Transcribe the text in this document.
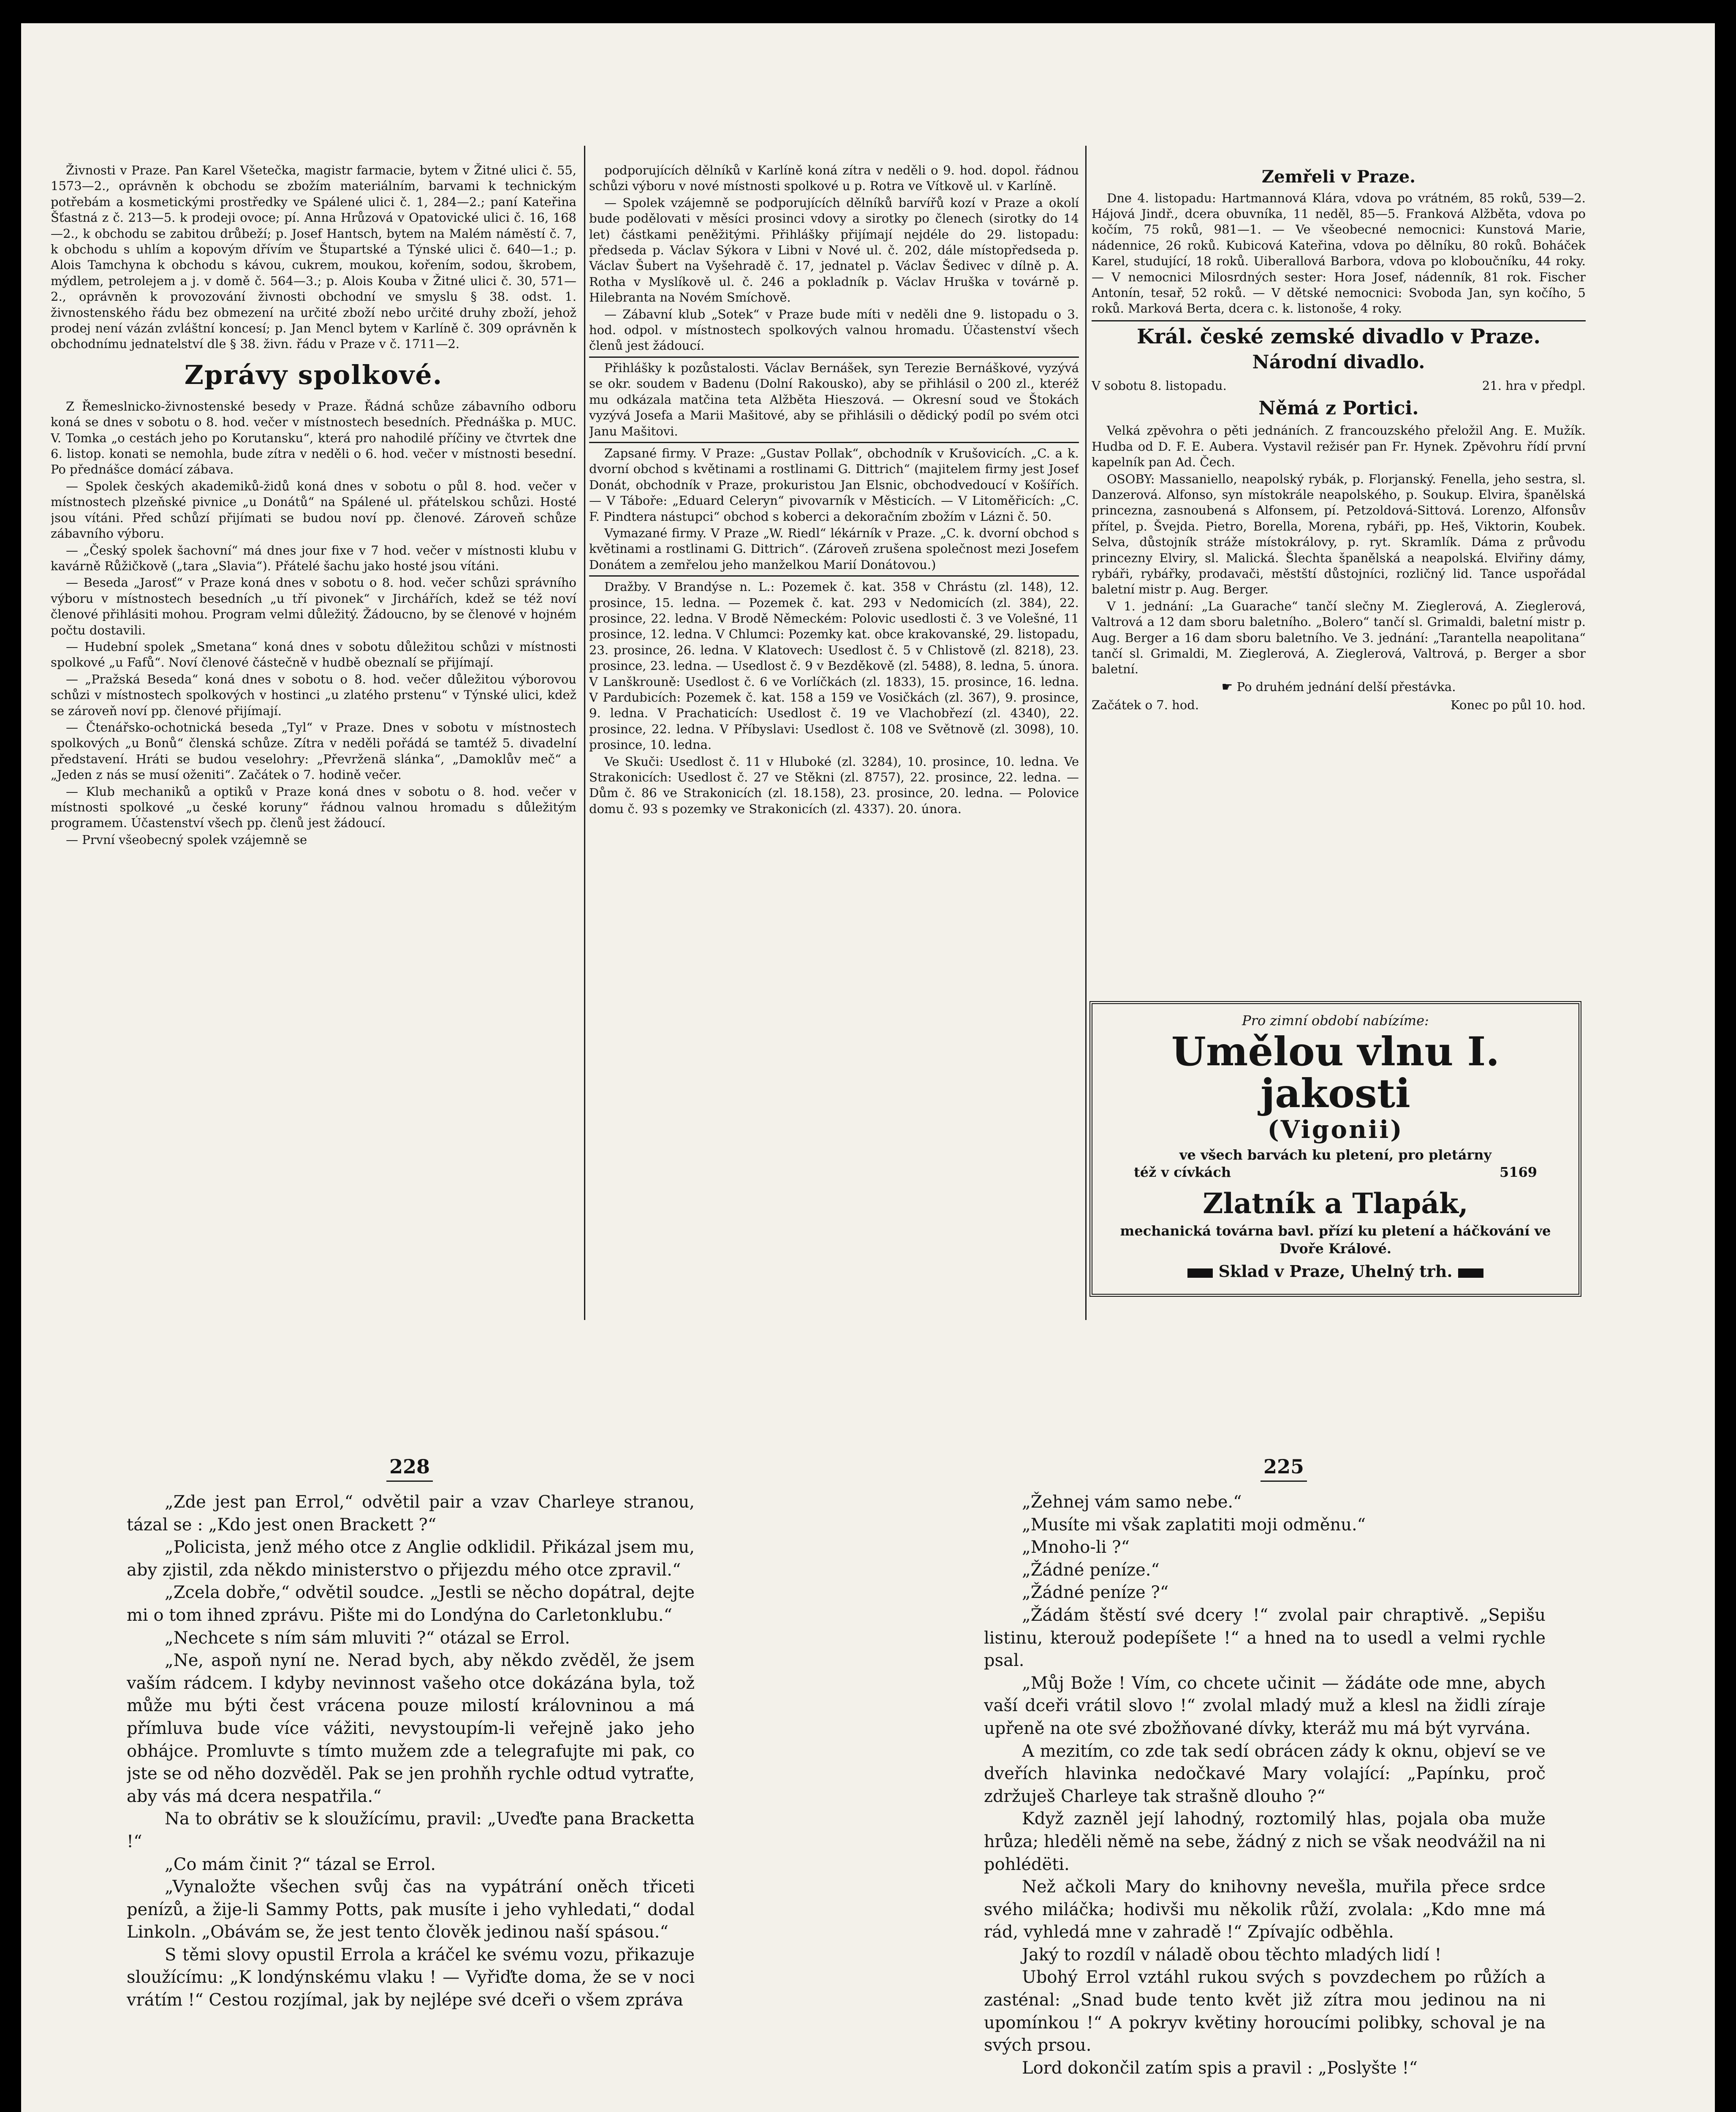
Živnosti v Praze. Pan Karel Všetečka, magistr farmacie, bytem v Žitné ulici č. 55, 1573—2., oprávněn k obchodu se zbožím materiálním, barvami k technickým potřebám a kosmetickými prostředky ve Spálené ulici č. 1, 284—2.; paní Kateřina Šťastná z č. 213—5. k prodeji ovoce; pí. Anna Hrůzová v Opatovické ulici č. 16, 168—2., k obchodu se zabitou drůbeží; p. Josef Hantsch, bytem na Malém náměstí č. 7, k obchodu s uhlím a kopovým dřívím ve Štupartské a Týnské ulici č. 640—1.; p. Alois Tamchyna k obchodu s kávou, cukrem, moukou, kořením, sodou, škrobem, mýdlem, petrolejem a j. v domě č. 564—3.; p. Alois Kouba v Žitné ulici č. 30, 571—2., oprávněn k provozování živnosti obchodní ve smyslu § 38. odst. 1. živnostenského řádu bez obmezení na určité zboží nebo určité druhy zboží, jehož prodej není vázán zvláštní koncesí; p. Jan Mencl bytem v Karlíně č. 309 oprávněn k obchodnímu jednatelství dle § 38. živn. řádu v Praze v č. 1711—2.

Zprávy spolkové.

Z Řemeslnicko-živnostenské besedy v Praze. Řádná schůze zábavního odboru koná se dnes v sobotu o 8. hod. večer v místnostech besedních. Přednáška p. MUC. V. Tomka „o cestách jeho po Korutansku“, která pro nahodilé příčiny ve čtvrtek dne 6. listop. konati se nemohla, bude zítra v neděli o 6. hod. večer v místnosti besední. Po přednášce domácí zábava.

— Spolek českých akademiků-židů koná dnes v sobotu o půl 8. hod. večer v místnostech plzeňské pivnice „u Donátů“ na Spálené ul. přátelskou schůzi. Hosté jsou vítáni. Před schůzí přijímati se budou noví pp. členové. Zároveň schůze zábavního výboru.

— „Český spolek šachovní“ má dnes jour fixe v 7 hod. večer v místnosti klubu v kavárně Růžičkově („tara „Slavia“). Přátelé šachu jako hosté jsou vítáni.

— Beseda „Jarosť“ v Praze koná dnes v sobotu o 8. hod. večer schůzi správního výboru v místnostech besedních „u tří pivonek“ v Jirchářích, kdež se též noví členové přihlásiti mohou. Program velmi důležitý. Žádoucno, by se členové v hojném počtu dostavili.

— Hudební spolek „Smetana“ koná dnes v sobotu důležitou schůzi v místnosti spolkové „u Fafů“. Noví členové částečně v hudbě obeznalí se přijímají.

— „Pražská Beseda“ koná dnes v sobotu o 8. hod. večer důležitou výborovou schůzi v místnostech spolkových v hostinci „u zlatého prstenu“ v Týnské ulici, kdež se zároveň noví pp. členové přijímají.

— Čtenářsko-ochotnická beseda „Tyl“ v Praze. Dnes v sobotu v místnostech spolkových „u Bonů“ členská schůze. Zítra v neděli pořádá se tamtéž 5. divadelní představení. Hráti se budou veselohry: „Převrženä slánka“, „Damoklův meč“ a „Jeden z nás se musí oženiti“. Začátek o 7. hodině večer.

— Klub mechaniků a optiků v Praze koná dnes v sobotu o 8. hod. večer v místnosti spolkové „u české koruny“ řádnou valnou hromadu s důležitým programem. Účastenství všech pp. členů jest žádoucí.

— První všeobecný spolek vzájemně se

podporujících dělníků v Karlíně koná zítra v neděli o 9. hod. dopol. řádnou schůzi výboru v nové místnosti spolkové u p. Rotra ve Vítkově ul. v Karlíně.

— Spolek vzájemně se podporujících dělníků barvířů kozí v Praze a okolí bude podělovati v měsíci prosinci vdovy a sirotky po členech (sirotky do 14 let) částkami peněžitými. Přihlášky přijímají nejdéle do 29. listopadu: předseda p. Václav Sýkora v Libni v Nové ul. č. 202, dále místopředseda p. Václav Šubert na Vyšehradě č. 17, jednatel p. Václav Šedivec v dílně p. A. Rotha v Myslíkově ul. č. 246 a pokladník p. Václav Hruška v továrně p. Hilebranta na Novém Smíchově.

— Zábavní klub „Sotek“ v Praze bude míti v neděli dne 9. listopadu o 3. hod. odpol. v místnostech spolkových valnou hromadu. Účastenství všech členů jest žádoucí.

Přihlášky k pozůstalosti. Václav Bernášek, syn Terezie Bernáškové, vyzývá se okr. soudem v Badenu (Dolní Rakousko), aby se přihlásil o 200 zl., kteréž mu odkázala matčina teta Alžběta Hieszová. — Okresní soud ve Štokách vyzývá Josefa a Marii Mašitové, aby se přihlásili o dědický podíl po svém otci Janu Mašitovi.

Zapsané firmy. V Praze: „Gustav Pollak“, obchodník v Krušovicích. „C. a k. dvorní obchod s květinami a rostlinami G. Dittrich“ (majitelem firmy jest Josef Donát, obchodník v Praze, prokuristou Jan Elsnic, obchodvedoucí v Košířích. — V Táboře: „Eduard Celeryn“ pivovarník v Městicích. — V Litoměřicích: „C. F. Pindtera nástupci“ obchod s koberci a dekoračním zbožím v Lázni č. 50.

Vymazané firmy. V Praze „W. Riedl“ lékárník v Praze. „C. k. dvorní obchod s květinami a rostlinami G. Dittrich“. (Zároveň zrušena společnost mezi Josefem Donátem a zemřelou jeho manželkou Marií Donátovou.)

Dražby. V Brandýse n. L.: Pozemek č. kat. 358 v Chrástu (zl. 148), 12. prosince, 15. ledna. — Pozemek č. kat. 293 v Nedomicích (zl. 384), 22. prosince, 22. ledna. V Brodě Německém: Polovic usedlosti č. 3 ve Volešné, 11 prosince, 12. ledna. V Chlumci: Pozemky kat. obce krakovanské, 29. listopadu, 23. prosince, 26. ledna. V Klatovech: Usedlost č. 5 v Chlistově (zl. 8218), 23. prosince, 23. ledna. — Usedlost č. 9 v Bezděkově (zl. 5488), 8. ledna, 5. února. V Lanškrouně: Usedlost č. 6 ve Vorlíčkách (zl. 1833), 15. prosince, 16. ledna. V Pardubicích: Pozemek č. kat. 158 a 159 ve Vosičkách (zl. 367), 9. prosince, 9. ledna. V Prachaticích: Usedlost č. 19 ve Vlachobřezí (zl. 4340), 22. prosince, 22. ledna. V Příbyslavi: Usedlost č. 108 ve Světnově (zl. 3098), 10. prosince, 10. ledna.

Ve Skuči: Usedlost č. 11 v Hluboké (zl. 3284), 10. prosince, 10. ledna. Ve Strakonicích: Usedlost č. 27 ve Stěkni (zl. 8757), 22. prosince, 22. ledna. — Dům č. 86 ve Strakonicích (zl. 18.158), 23. prosince, 20. ledna. — Polovice domu č. 93 s pozemky ve Strakonicích (zl. 4337). 20. února.

Zemřeli v Praze.

Dne 4. listopadu: Hartmannová Klára, vdova po vrátném, 85 roků, 539—2. Hájová Jindř., dcera obuvníka, 11 neděl, 85—5. Franková Alžběta, vdova po kočím, 75 roků, 981—1. — Ve všeobecné nemocnici: Kunstová Marie, nádennice, 26 roků. Kubicová Kateřina, vdova po dělníku, 80 roků. Boháček Karel, studující, 18 roků. Uiberallová Barbora, vdova po kloboučníku, 44 roky. — V nemocnici Milosrdných sester: Hora Josef, nádenník, 81 rok. Fischer Antonín, tesař, 52 roků. — V dětské nemocnici: Svoboda Jan, syn kočího, 5 roků. Marková Berta, dcera c. k. listonoše, 4 roky.

Král. české zemské divadlo v Praze.
Národní divadlo.
V sobotu 8. listopadu.	21. hra v předpl.
Němá z Portici.

Velká zpěvohra o pěti jednáních. Z francouzského přeložil Ang. E. Mužík. Hudba od D. F. E. Aubera. Vystavil režisér pan Fr. Hynek. Zpěvohru řídí první kapelník pan Ad. Čech.

OSOBY: Massaniello, neapolský rybák, p. Florjanský. Fenella, jeho sestra, sl. Danzerová. Alfonso, syn místokrále neapolského, p. Soukup. Elvira, španělská princezna, zasnoubená s Alfonsem, pí. Petzoldová-Sittová. Lorenzo, Alfonsův přítel, p. Švejda. Pietro, Borella, Morena, rybáři, pp. Heš, Viktorin, Koubek. Selva, důstojník stráže místokrálovy, p. ryt. Skramlík. Dáma z průvodu princezny Elviry, sl. Malická. Šlechta španělská a neapolská. Elviřiny dámy, rybáři, rybářky, prodavači, městští důstojníci, rozličný lid. Tance uspořádal baletní mistr p. Aug. Berger.

V 1. jednání: „La Guarache“ tančí slečny M. Zieglerová, A. Zieglerová, Valtrová a 12 dam sboru baletního. „Bolero“ tančí sl. Grimaldi, baletní mistr p. Aug. Berger a 16 dam sboru baletního. Ve 3. jednání: „Tarantella neapolitana“ tančí sl. Grimaldi, M. Zieglerová, A. Zieglerová, Valtrová, p. Berger a sbor baletní.

☛ Po druhém jednání delší přestávka.
Začátek o 7. hod.	Konec po půl 10. hod.
Pro zimní období nabízíme:
Umělou vlnu I. jakosti
(Vigonii)
ve všech barvách ku pletení, pro pletárny
též v cívkách	5169
Zlatník a Tlapák,
mechanická továrna bavl. přízí ku pletení a háčkování ve Dvoře Králové.
Sklad v Praze, Uhelný trh.
228

„Zde jest pan Errol,“ odvětil pair a vzav Charleye stranou, tázal se : „Kdo jest onen Brackett ?“

„Policista, jenž mého otce z Anglie odklidil. Přikázal jsem mu, aby zjistil, zda někdo ministerstvo o přijezdu mého otce zpravil.“

„Zcela dobře,“ odvětil soudce. „Jestli se něcho dopátral, dejte mi o tom ihned zprávu. Pište mi do Londýna do Carletonklubu.“

„Nechcete s ním sám mluviti ?“ otázal se Errol.

„Ne, aspoň nyní ne. Nerad bych, aby někdo zvěděl, že jsem vaším rádcem. I kdyby nevinnost vašeho otce dokázána byla, tož může mu býti čest vrácena pouze milostí královninou a má přímluva bude více vážiti, nevystoupím-li veřejně jako jeho obhájce. Promluvte s tímto mužem zde a telegrafujte mi pak, co jste se od něho dozvěděl. Pak se jen prohňh rychle odtud vytraťte, aby vás má dcera nespatřila.“

Na to obrátiv se k sloužícímu, pravil: „Uveďte pana Bracketta !“

„Co mám činit ?“ tázal se Errol.

„Vynaložte všechen svůj čas na vypátrání oněch třiceti penízů, a žije-li Sammy Potts, pak musíte i jeho vyhledati,“ dodal Linkoln. „Obávám se, že jest tento člověk jedinou naší spásou.“

S těmi slovy opustil Errola a kráčel ke svému vozu, přikazuje sloužícímu: „K londýnskému vlaku ! — Vyřiďte doma, že se v noci vrátím !“ Cestou rozjímal, jak by nejlépe své dceři o všem zpráva

225

„Žehnej vám samo nebe.“

„Musíte mi však zaplatiti moji odměnu.“

„Mnoho-li ?“

„Žádné peníze.“

„Žádné peníze ?“

„Žádám štěstí své dcery !“ zvolal pair chraptivě. „Sepišu listinu, kterouž podepíšete !“ a hned na to usedl a velmi rychle psal.

„Můj Bože ! Vím, co chcete učinit — žádáte ode mne, abych vaší dceři vrátil slovo !“ zvolal mladý muž a klesl na židli zíraje upřeně na ote své zbožňované dívky, kteráž mu má být vyrvána.

A mezitím, co zde tak sedí obrácen zády k oknu, objeví se ve dveřích hlavinka nedočkavé Mary volající: „Papínku, proč zdržuješ Charleye tak strašně dlouho ?“

Když zazněl její lahodný, roztomilý hlas, pojala oba muže hrůza; hleděli němě na sebe, žádný z nich se však neodvážil na ni pohlédëti.

Než ačkoli Mary do knihovny nevešla, muřila přece srdce svého miláčka; hodivši mu několik růží, zvolala: „Kdo mne má rád, vyhledá mne v zahradě !“ Zpívajíc odběhla.

Jaký to rozdíl v náladě obou těchto mladých lidí !

Ubohý Errol vztáhl rukou svých s povzdechem po růžích a zasténal: „Snad bude tento květ již zítra mou jedinou na ni upomínkou !“ A pokryv květiny horoucími polibky, schoval je na svých prsou.

Lord dokončil zatím spis a pravil : „Poslyšte !“
